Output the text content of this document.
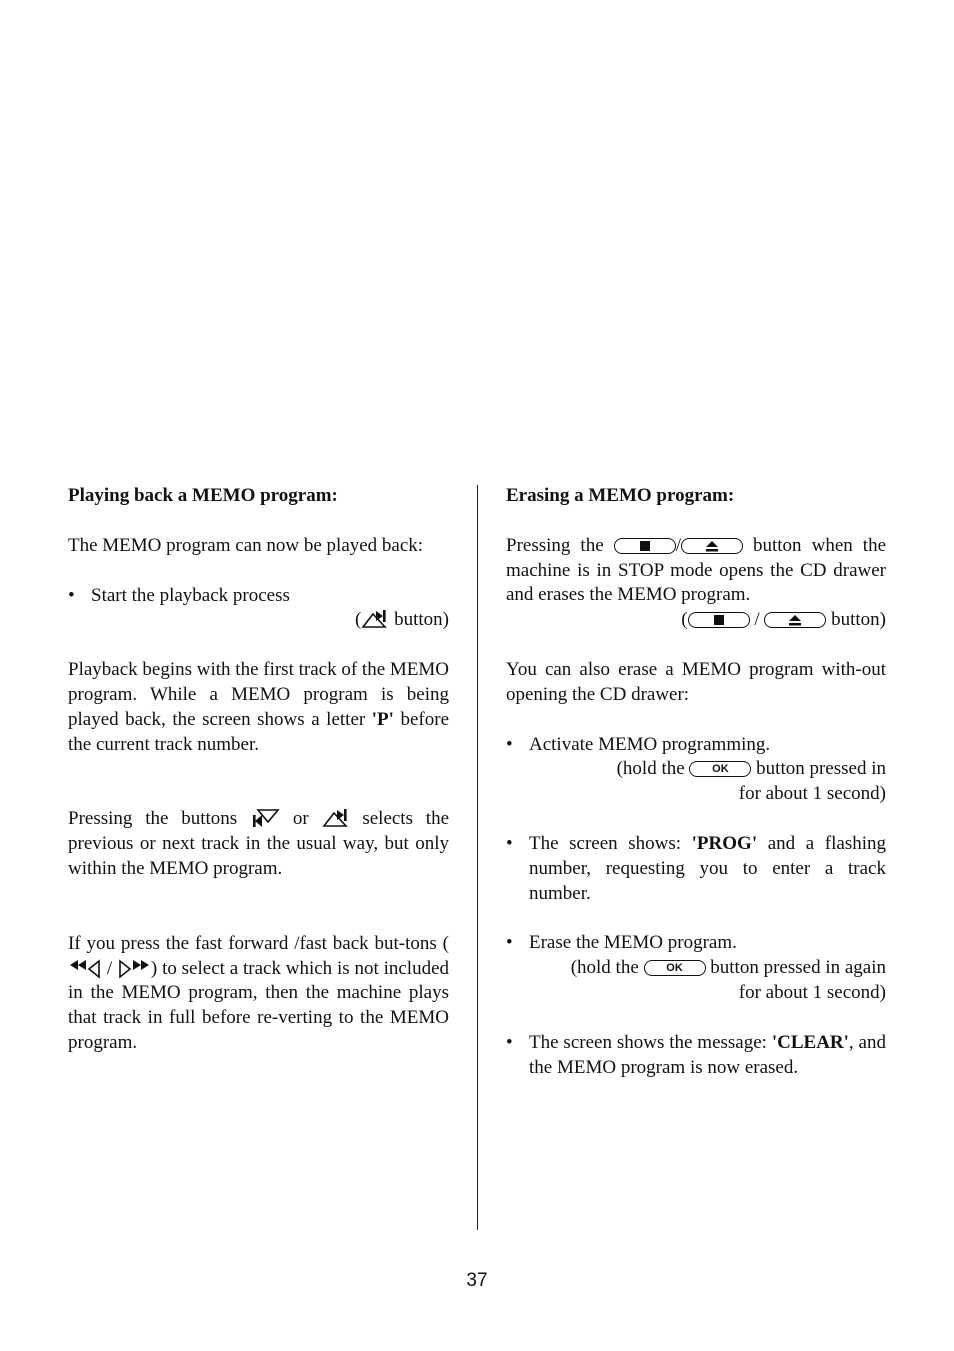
Playing back a MEMO program:

The MEMO program can now be played back:

• Start the playback process
( button)

Playback begins with the first track of the MEMO program. While a MEMO program is being played back, the screen shows a letter 'P' before the current track number.

Pressing the buttons  or  selects the previous or next track in the usual way, but only within the MEMO program.

If you press the fast forward /fast back but-tons ( / ) to select a track which is not included in the MEMO program, then the machine plays that track in full before re-verting to the MEMO program.

Erasing a MEMO program:

Pressing the	/	button when the machine is in STOP mode opens the CD drawer and erases the MEMO program.

(	/	button)

You can also erase a MEMO program with-out opening the CD drawer:

• Activate MEMO programming.
(hold the	OK	button pressed in
for about 1 second)
• The screen shows: 'PROG' and a flashing number, requesting you to enter a track number.
• Erase the MEMO program.
(hold the	OK	button pressed in again
for about 1 second)
• The screen shows the message: 'CLEAR', and the MEMO program is now erased.
37
